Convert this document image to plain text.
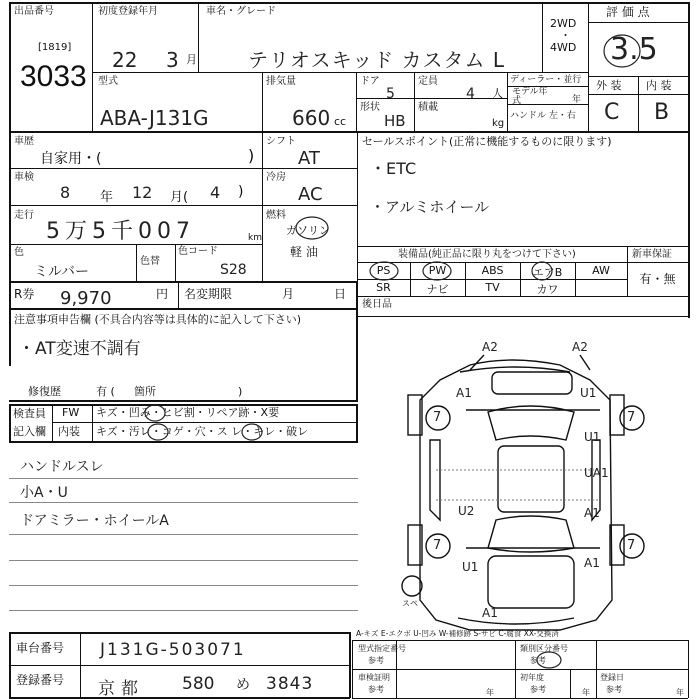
出品番号
[1819]
3033
初度登録年月
22 3 月
車名・グレード
テリオスキッド カスタム L
2WD
・
4WD
評 価 点
3.5
型式
ABA-J131G
排気量
660 cc
ドア
5
定員
4 人
形状
HB
積載
kg
ディーラー・並行
モデル年式	年
ハンドル 左・右
外 装 内 装
C B
車歴
自家用・(	)
車検
8 年 12 月( 4 )
走行
5万5千007	km
色
ミルバー
色替
色コード
S28
シフト
AT
冷房
AC
燃料
ガソリン
軽 油
R券 9,970	円 名変期限	月	日
注意事項申告欄 (不具合内容等は具体的に記入して下さい)
・AT変速不調有
修復歴	有 ( 箇所	)
セールスポイント(正常に機能するものに限ります)
・ETC
・アルミホイール
装備品(純正品に限り丸をつけて下さい)	新車保証
PS	PW	ABS	エアB	AW
SR	ナビ	TV	カワ
有・無
後日品
検査員
記入欄
FW キズ・凹み・ヒビ割・リペア跡・X要
内装 キズ・汚レ・コゲ・穴・ス レ・キレ・破レ
ハンドルスレ
小A・U
ドアミラー・ホイールA
A2	A2
A1	U1
7	7
U1
UA1
U2	A1
7	7
U1	A1
A1
スペ
A-キズ E-エクボ U-凹み W-補修跡 S-サビ C-腐食 XX-交換済
車台番号 J131G-503071
登録番号 京都 580 め 3843
型式指定番号
参考
類別区分番号
参考
車検証明
参考
初年度
参考
登録日
参考
年	年	年
